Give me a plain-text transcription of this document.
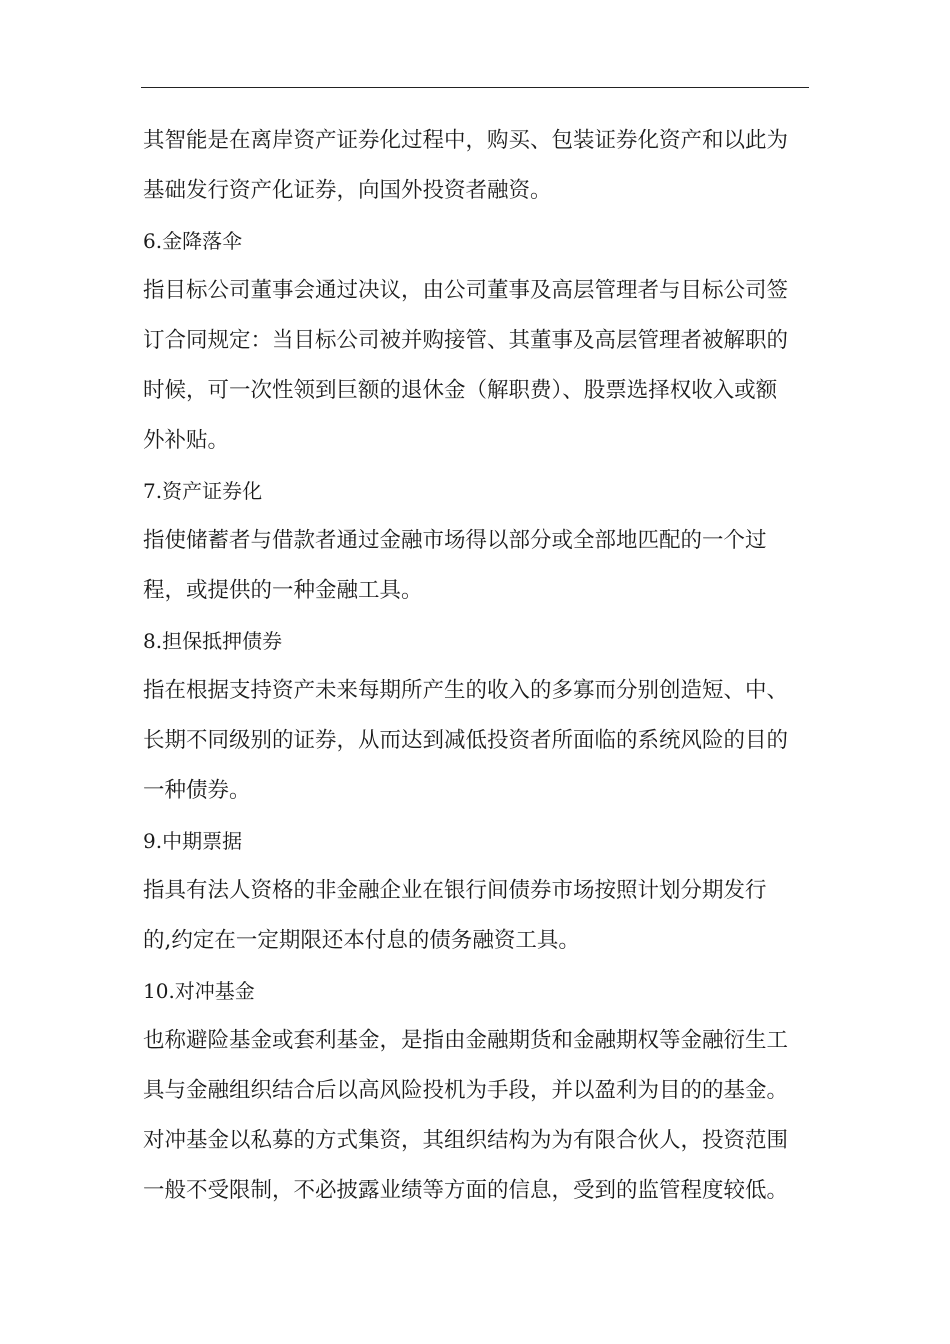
其智能是在离岸资产证券化过程中，购买、包装证券化资产和以此为
基础发行资产化证券，向国外投资者融资。
6.金降落伞
指目标公司董事会通过决议，由公司董事及高层管理者与目标公司签
订合同规定：当目标公司被并购接管、其董事及高层管理者被解职的
时候，可一次性领到巨额的退休金（解职费）、股票选择权收入或额
外补贴。
7.资产证券化
指使储蓄者与借款者通过金融市场得以部分或全部地匹配的一个过
程，或提供的一种金融工具。
8.担保抵押债券
指在根据支持资产未来每期所产生的收入的多寡而分别创造短、中、
长期不同级别的证券，从而达到减低投资者所面临的系统风险的目的
一种债券。
9.中期票据
指具有法人资格的非金融企业在银行间债券市场按照计划分期发行
的,约定在一定期限还本付息的债务融资工具。
10.对冲基金
也称避险基金或套利基金，是指由金融期货和金融期权等金融衍生工
具与金融组织结合后以高风险投机为手段，并以盈利为目的的基金。
对冲基金以私募的方式集资，其组织结构为为有限合伙人，投资范围
一般不受限制，不必披露业绩等方面的信息，受到的监管程度较低。
